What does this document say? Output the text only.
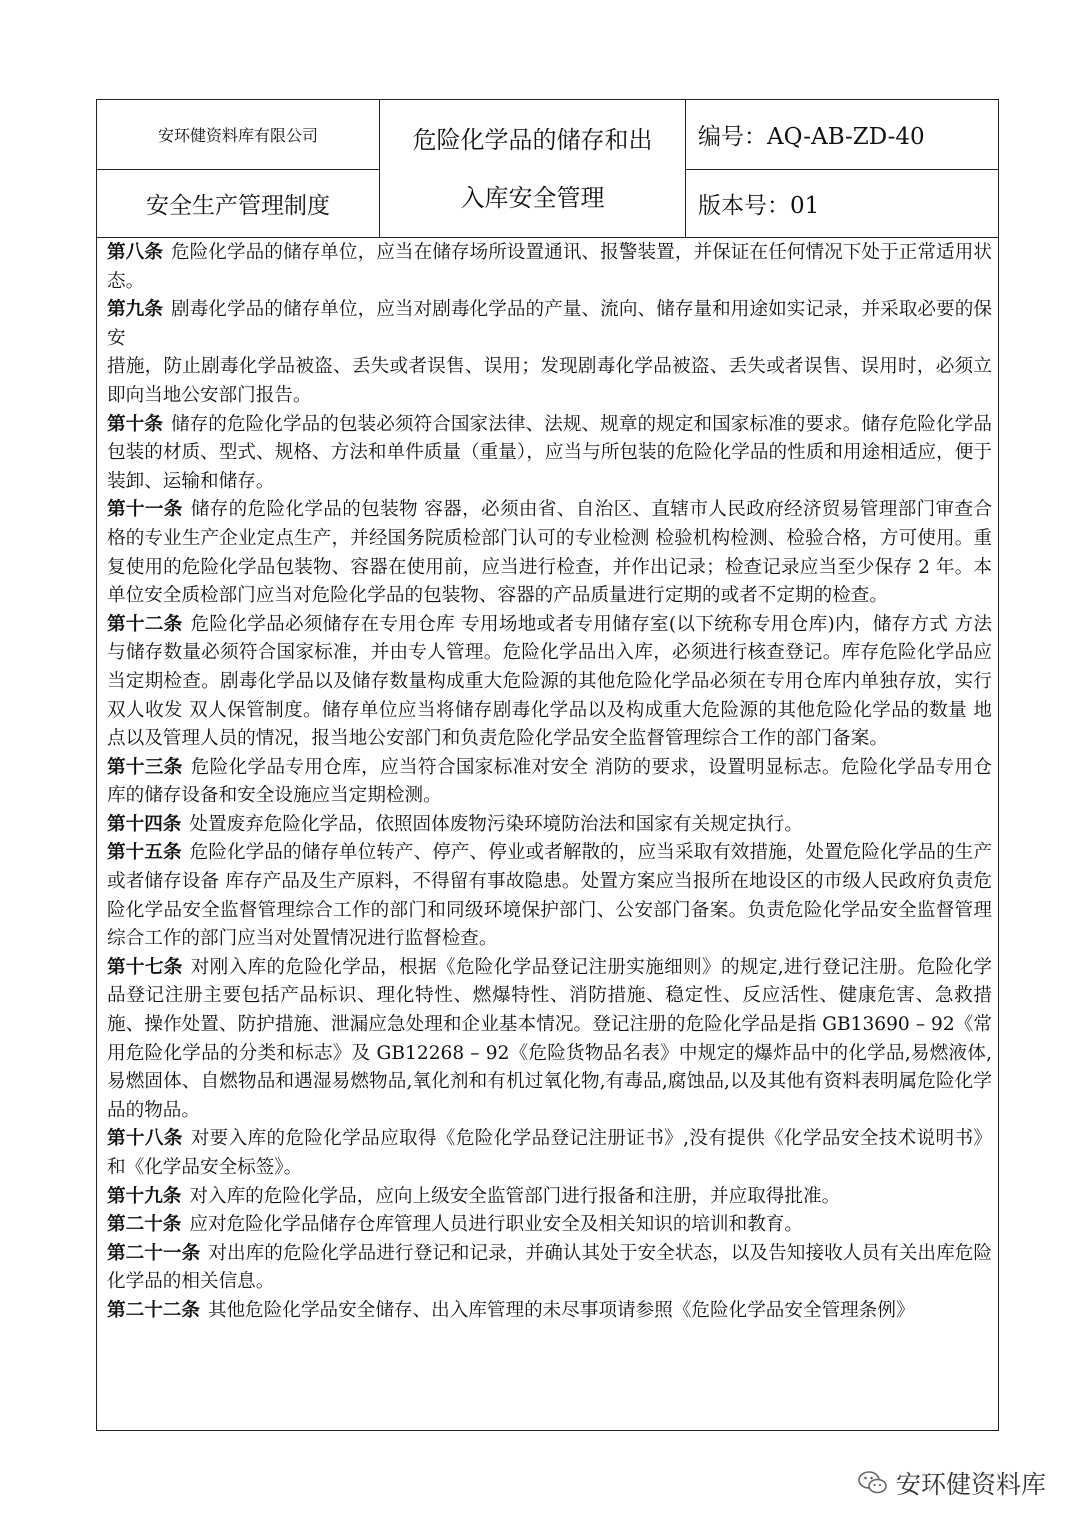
安环健资料库有限公司
安全生产管理制度
危险化学品的储存和出
入库安全管理
编号：AQ-AB-ZD-40
版本号：01

第八条 危险化学品的储存单位，应当在储存场所设置通讯、报警装置，并保证在任何情况下处于正常适用状态。

第九条 剧毒化学品的储存单位，应当对剧毒化学品的产量、流向、储存量和用途如实记录，并采取必要的保安

措施，防止剧毒化学品被盗、丢失或者误售、误用；发现剧毒化学品被盗、丢失或者误售、误用时，必须立即向当地公安部门报告。

第十条 储存的危险化学品的包装必须符合国家法律、法规、规章的规定和国家标准的要求。储存危险化学品包装的材质、型式、规格、方法和单件质量（重量），应当与所包装的危险化学品的性质和用途相适应，便于装卸、运输和储存。

第十一条 储存的危险化学品的包装物 容器，必须由省、自治区、直辖市人民政府经济贸易管理部门审查合格的专业生产企业定点生产，并经国务院质检部门认可的专业检测 检验机构检测、检验合格，方可使用。重复使用的危险化学品包装物、容器在使用前，应当进行检查，并作出记录；检查记录应当至少保存 2 年。本单位安全质检部门应当对危险化学品的包装物、容器的产品质量进行定期的或者不定期的检查。

第十二条 危险化学品必须储存在专用仓库 专用场地或者专用储存室(以下统称专用仓库)内，储存方式 方法与储存数量必须符合国家标准，并由专人管理。危险化学品出入库，必须进行核查登记。库存危险化学品应当定期检查。剧毒化学品以及储存数量构成重大危险源的其他危险化学品必须在专用仓库内单独存放，实行双人收发 双人保管制度。储存单位应当将储存剧毒化学品以及构成重大危险源的其他危险化学品的数量 地点以及管理人员的情况，报当地公安部门和负责危险化学品安全监督管理综合工作的部门备案。

第十三条 危险化学品专用仓库，应当符合国家标准对安全 消防的要求，设置明显标志。危险化学品专用仓库的储存设备和安全设施应当定期检测。

第十四条 处置废弃危险化学品，依照固体废物污染环境防治法和国家有关规定执行。

第十五条 危险化学品的储存单位转产、停产、停业或者解散的，应当采取有效措施，处置危险化学品的生产或者储存设备 库存产品及生产原料，不得留有事故隐患。处置方案应当报所在地设区的市级人民政府负责危险化学品安全监督管理综合工作的部门和同级环境保护部门、公安部门备案。负责危险化学品安全监督管理综合工作的部门应当对处置情况进行监督检查。

第十七条 对刚入库的危险化学品，根据《危险化学品登记注册实施细则》的规定,进行登记注册。危险化学品登记注册主要包括产品标识、理化特性、燃爆特性、消防措施、稳定性、反应活性、健康危害、急救措施、操作处置、防护措施、泄漏应急处理和企业基本情况。登记注册的危险化学品是指 GB13690 – 92《常用危险化学品的分类和标志》及 GB12268 – 92《危险货物品名表》中规定的爆炸品中的化学品,易燃液体,易燃固体、自燃物品和遇湿易燃物品,氧化剂和有机过氧化物,有毒品,腐蚀品,以及其他有资料表明属危险化学品的物品。

第十八条 对要入库的危险化学品应取得《危险化学品登记注册证书》,没有提供《化学品安全技术说明书》和《化学品安全标签》。

第十九条 对入库的危险化学品，应向上级安全监管部门进行报备和注册，并应取得批准。

第二十条 应对危险化学品储存仓库管理人员进行职业安全及相关知识的培训和教育。

第二十一条 对出库的危险化学品进行登记和记录，并确认其处于安全状态，以及告知接收人员有关出库危险化学品的相关信息。

第二十二条 其他危险化学品安全储存、出入库管理的未尽事项请参照《危险化学品安全管理条例》

安环健资料库
